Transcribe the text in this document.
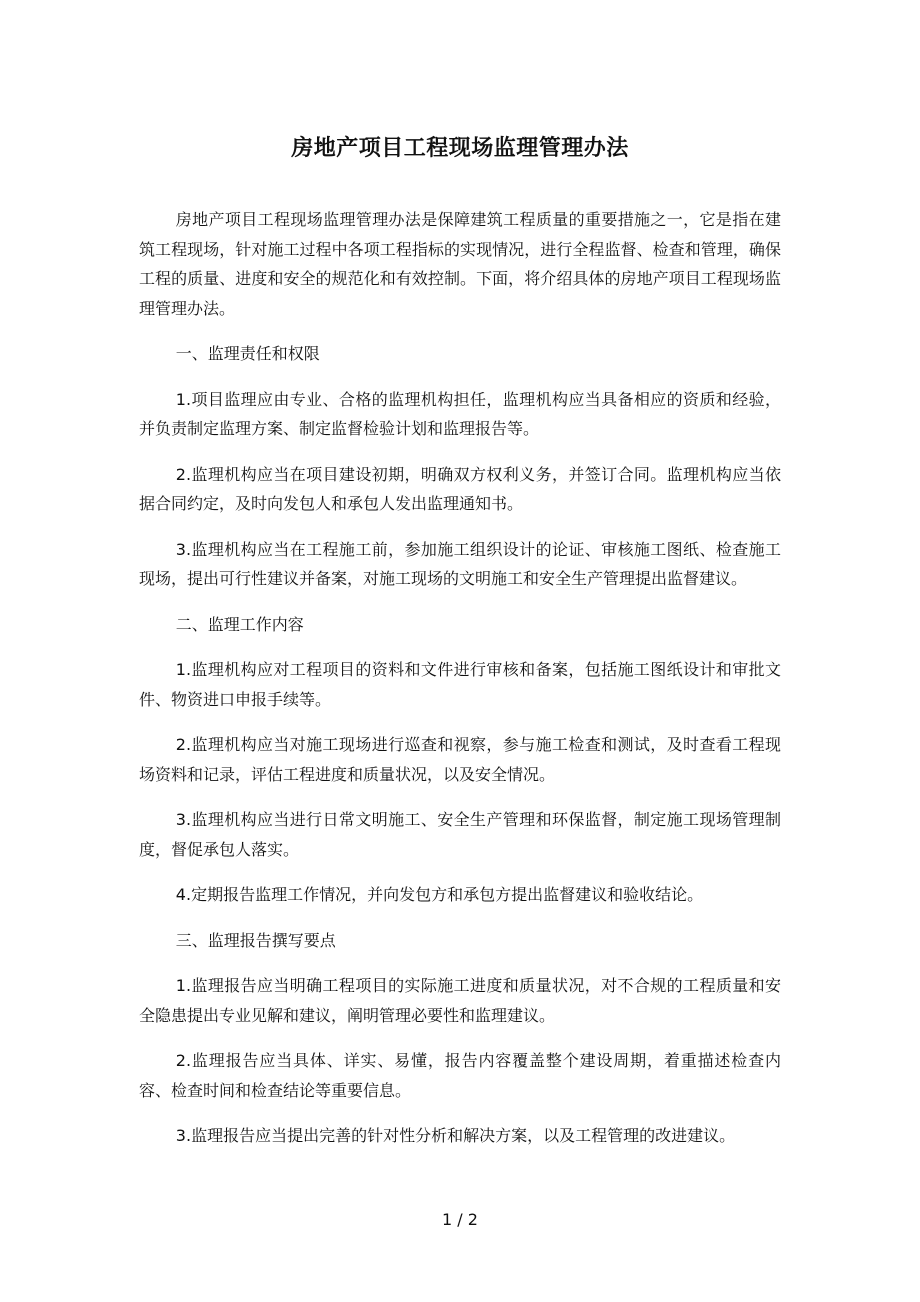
房地产项目工程现场监理管理办法

房地产项目工程现场监理管理办法是保障建筑工程质量的重要措施之一，它是指在建筑工程现场，针对施工过程中各项工程指标的实现情况，进行全程监督、检查和管理，确保工程的质量、进度和安全的规范化和有效控制。下面，将介绍具体的房地产项目工程现场监理管理办法。

一、监理责任和权限

1.项目监理应由专业、合格的监理机构担任，监理机构应当具备相应的资质和经验，并负责制定监理方案、制定监督检验计划和监理报告等。

2.监理机构应当在项目建设初期，明确双方权利义务，并签订合同。监理机构应当依据合同约定，及时向发包人和承包人发出监理通知书。

3.监理机构应当在工程施工前，参加施工组织设计的论证、审核施工图纸、检查施工现场，提出可行性建议并备案，对施工现场的文明施工和安全生产管理提出监督建议。

二、监理工作内容

1.监理机构应对工程项目的资料和文件进行审核和备案，包括施工图纸设计和审批文件、物资进口申报手续等。

2.监理机构应当对施工现场进行巡查和视察，参与施工检查和测试，及时查看工程现场资料和记录，评估工程进度和质量状况，以及安全情况。

3.监理机构应当进行日常文明施工、安全生产管理和环保监督，制定施工现场管理制度，督促承包人落实。

4.定期报告监理工作情况，并向发包方和承包方提出监督建议和验收结论。

三、监理报告撰写要点

1.监理报告应当明确工程项目的实际施工进度和质量状况，对不合规的工程质量和安全隐患提出专业见解和建议，阐明管理必要性和监理建议。

2.监理报告应当具体、详实、易懂，报告内容覆盖整个建设周期，着重描述检查内容、检查时间和检查结论等重要信息。

3.监理报告应当提出完善的针对性分析和解决方案，以及工程管理的改进建议。

1 / 2
